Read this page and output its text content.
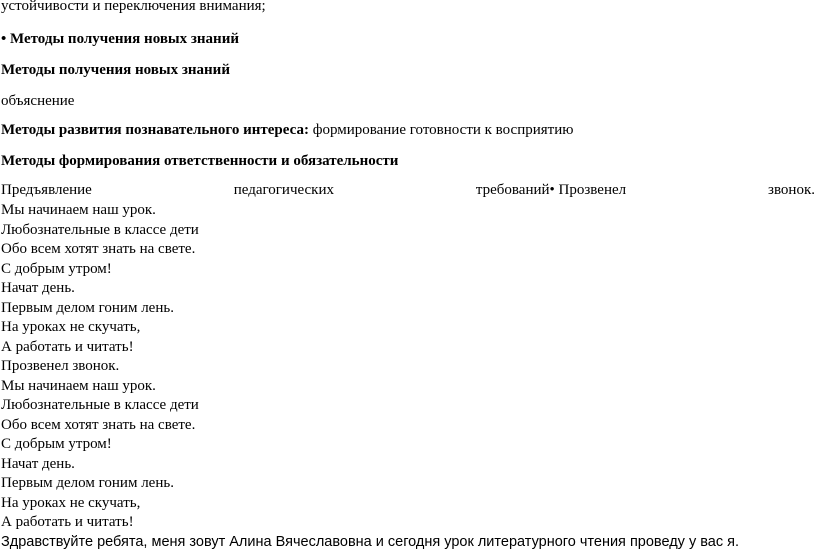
устойчивости и переключения внимания;
• Методы получения новых знаний
Методы получения новых знаний
объяснение
Методы развития познавательного интереса: формирование готовности к восприятию
Методы формирования ответственности и обязательности
Предъявление	педагогических	требований• Прозвенел	звонок.
Мы начинаем наш урок.
Любознательные в классе дети
Обо всем хотят знать на свете.
С добрым утром!
Начат день.
Первым делом гоним лень.
На уроках не скучать,
А работать и читать!
Прозвенел звонок.
Мы начинаем наш урок.
Любознательные в классе дети
Обо всем хотят знать на свете.
С добрым утром!
Начат день.
Первым делом гоним лень.
На уроках не скучать,
А работать и читать!
Здравствуйте ребята, меня зовут Алина Вячеславовна и сегодня урок литературного чтения проведу у вас я.
